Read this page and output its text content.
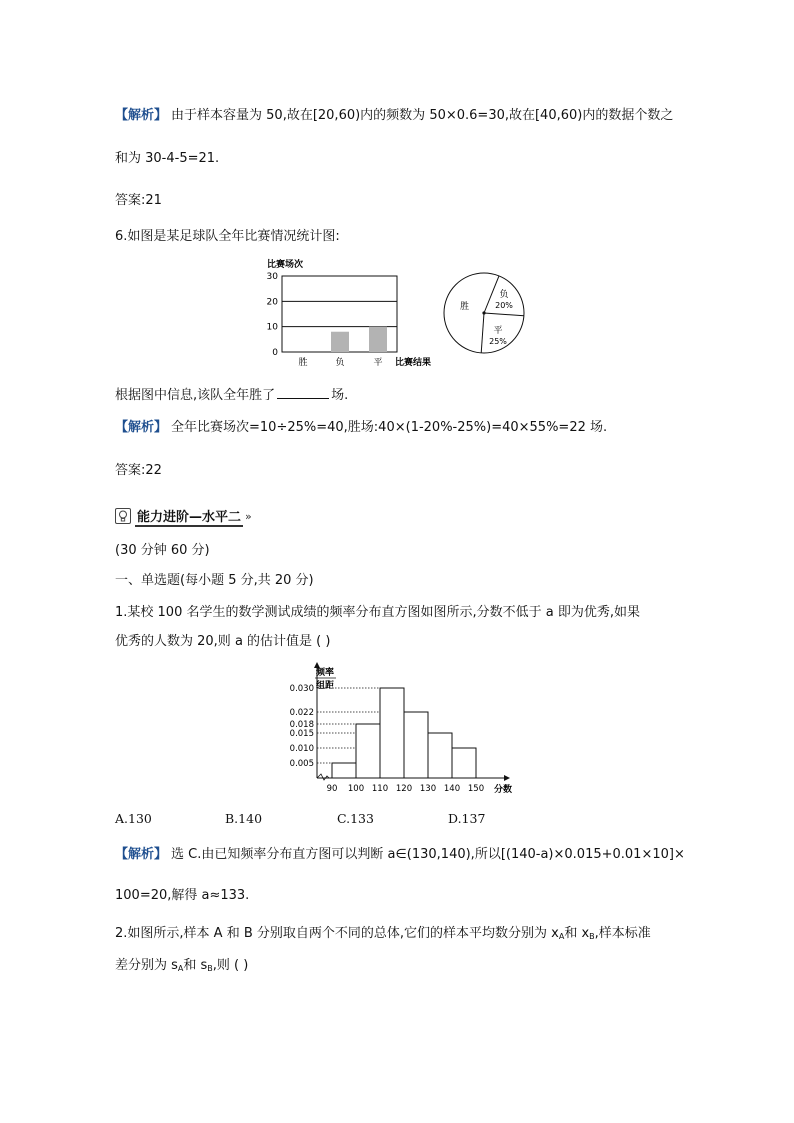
【解析】 由于样本容量为 50,故在[20,60)内的频数为 50×0.6=30,故在[40,60)内的数据个数之
和为 30-4-5=21.
答案:21
6.如图是某足球队全年比赛情况统计图:
比赛场次
0
10
20
30
胜	负	平 比赛结果
胜
负
20%
平
25%
根据图中信息,该队全年胜了	场.
【解析】 全年比赛场次=10÷25%=40,胜场:40×(1-20%-25%)=40×55%=22 场.
答案:22
能力进阶—水平二 »
(30 分钟 60 分)
一、单选题(每小题 5 分,共 20 分)
1.某校 100 名学生的数学测试成绩的频率分布直方图如图所示,分数不低于 a 即为优秀,如果
优秀的人数为 20,则 a 的估计值是 ( )
频率
组距
0.005
0.010
0.015
0.018
0.022
0.030
90 100 110 120 130 140 150 分数
A.130	B.140	C.133	D.137
【解析】 选 C.由已知频率分布直方图可以判断 a∈(130,140),所以[(140-a)×0.015+0.01×10]×
100=20,解得 a≈133.
2.如图所示,样本 A 和 B 分别取自两个不同的总体,它们的样本平均数分别为 $x_A$和 $x_B$,样本标准
差分别为 $s_A$和 $s_B$,则 ( )
